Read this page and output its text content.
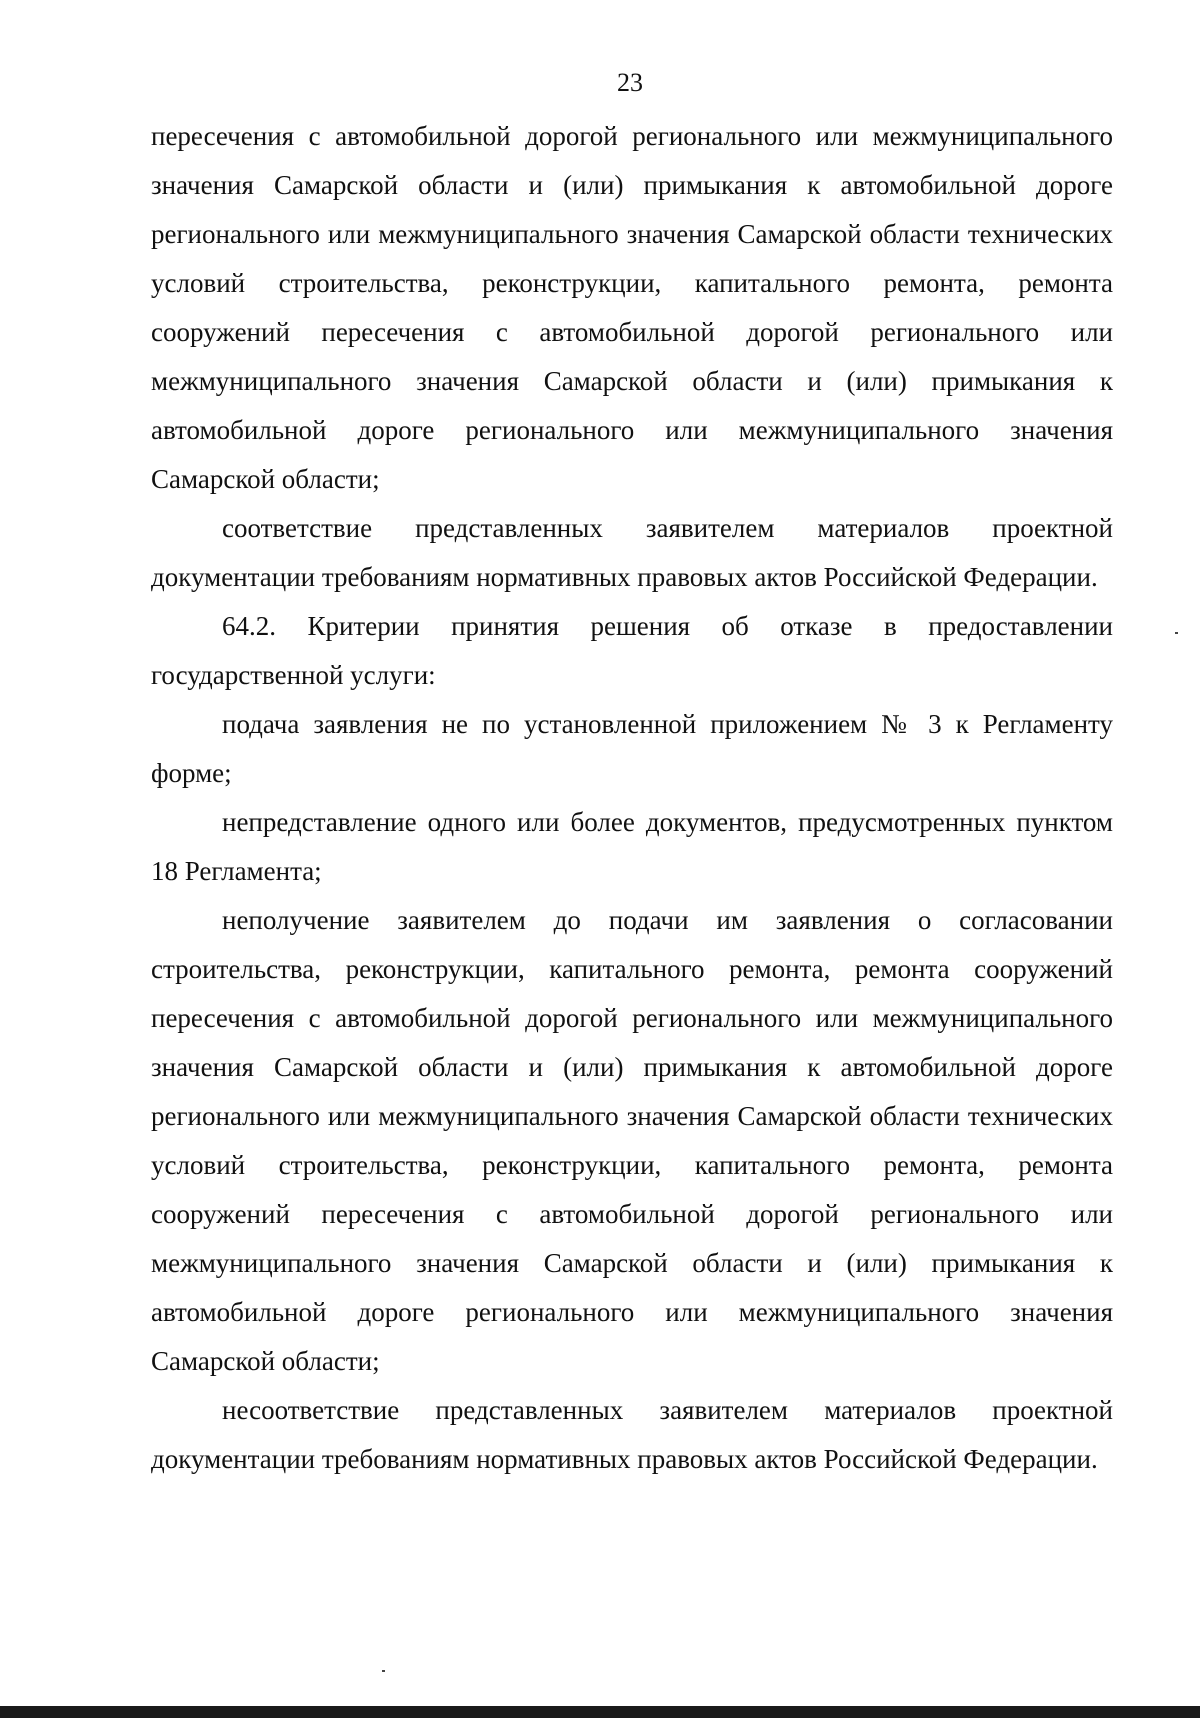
23

пересечения с автомобильной дорогой регионального или межмуниципального значения Самарской области и (или) примыкания к автомобильной дороге регионального или межмуниципального значения Самарской области технических условий строительства, реконструкции, капитального ремонта, ремонта сооружений пересечения с автомобильной дорогой регионального или межмуниципального значения Самарской области и (или) примыкания к автомобильной дороге регионального или межмуниципального значения Самарской области;

соответствие представленных заявителем материалов проектной документации требованиям нормативных правовых актов Российской Федерации.

64.2. Критерии принятия решения об отказе в предоставлении государственной услуги:

подача заявления не по установленной приложением № 3 к Регламенту форме;

непредставление одного или более документов, предусмотренных пунктом 18 Регламента;

неполучение заявителем до подачи им заявления о согласовании строительства, реконструкции, капитального ремонта, ремонта сооружений пересечения с автомобильной дорогой регионального или межмуниципального значения Самарской области и (или) примыкания к автомобильной дороге регионального или межмуниципального значения Самарской области технических условий строительства, реконструкции, капитального ремонта, ремонта сооружений пересечения с автомобильной дорогой регионального или межмуниципального значения Самарской области и (или) примыкания к автомобильной дороге регионального или межмуниципального значения Самарской области;

несоответствие представленных заявителем материалов проектной документации требованиям нормативных правовых актов Российской Федерации.
